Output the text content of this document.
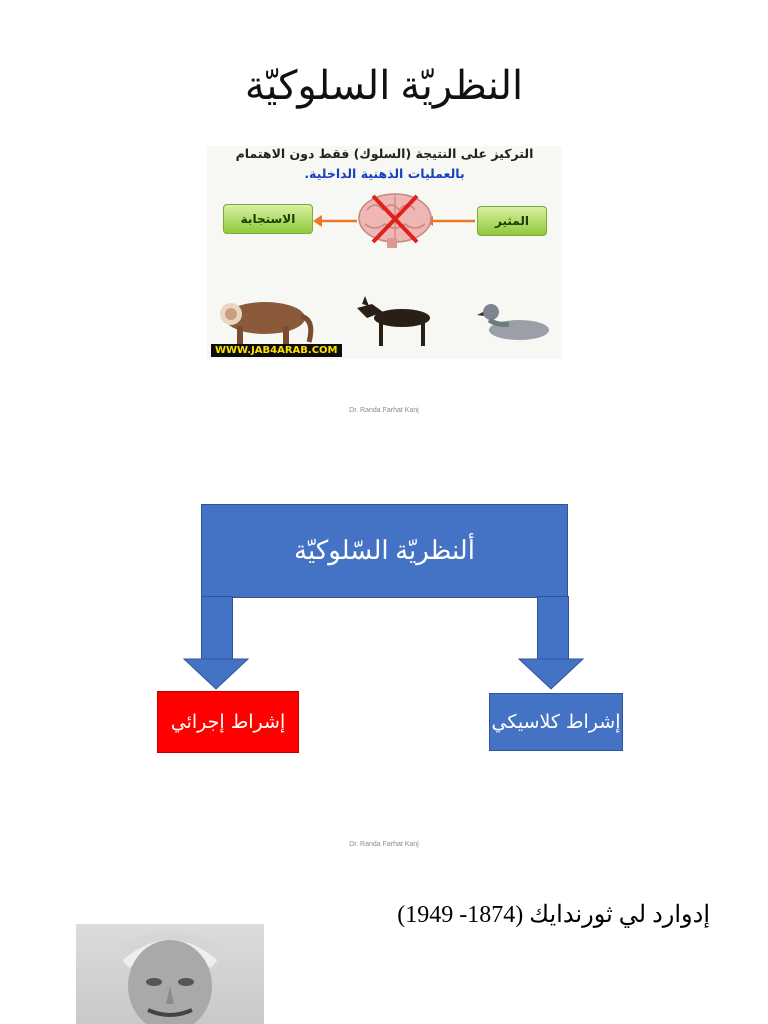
النظريّة السلوكيّة
التركيز على النتيجة (السلوك) فقط دون الاهتمام
بالعمليات الذهنية الداخلية.
المثير
الاستجابة
WWW.JAB4ARAB.COM
Dr. Randa Farhat Kanj
ألنظريّة السّلوكيّة
إشراط إجرائي	إشراط كلاسيكي
Dr. Randa Farhat Kanj
إدوارد لي ثورندايك (1874- 1949)
